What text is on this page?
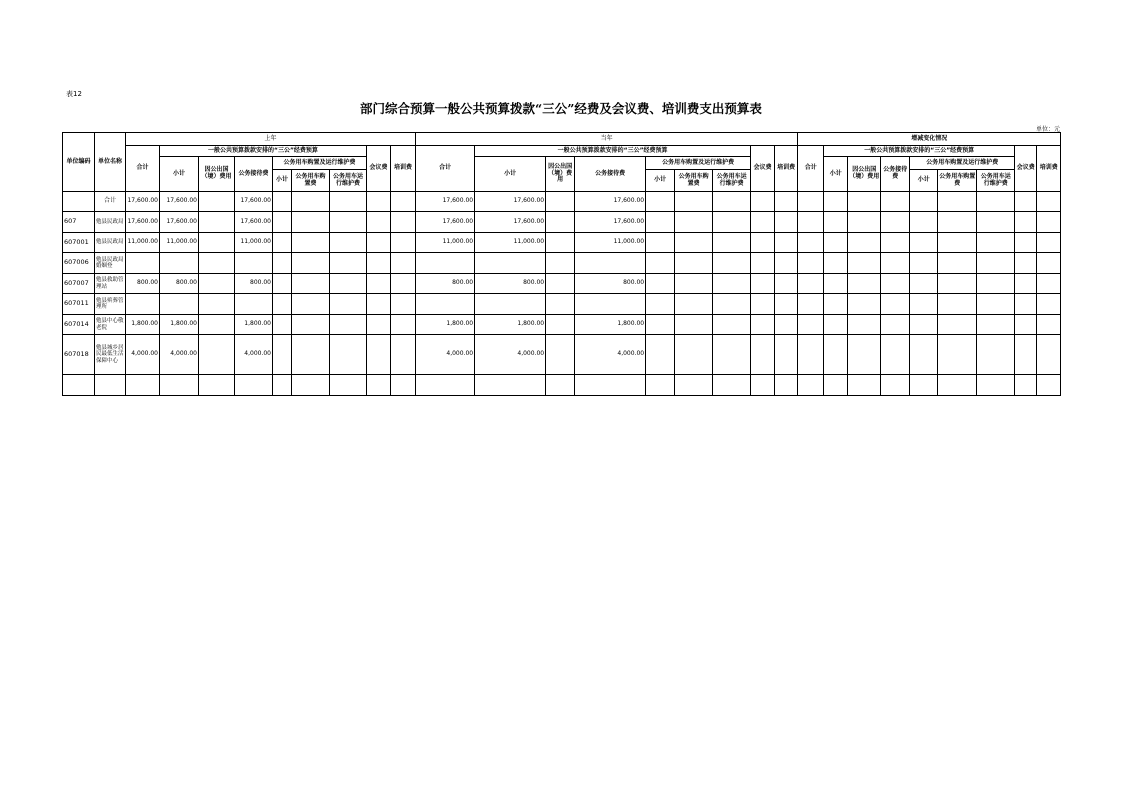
表12
部门综合预算一般公共预算拨款“三公”经费及会议费、培训费支出预算表
单位：元
单位编码	单位名称	上年									当年									增减变化情况								
		合计	一般公共预算拨款安排的“三公”经费预算						会议费	培训费	合计	一般公共预算拨款安排的“三公”经费预算						会议费	培训费	合计	一般公共预算拨款安排的“三公”经费预算						会议费	培训费
			小计	因公出国（境）费用	公务接待费	公务用车购置及运行维护费						小计	因公出国（境）费用	公务接待费	公务用车购置及运行维护费						小计	因公出国（境）费用	公务接待费	公务用车购置及运行维护费				
						小计	公务用车购置费	公务用车运行维护费							小计	公务用车购置费	公务用车运行维护费							小计	公务用车购置费	公务用车运行维护费		
	合计	17,600.00	17,600.00		17,600.00						17,600.00	17,600.00		17,600.00														
607	勉县民政局	17,600.00	17,600.00		17,600.00						17,600.00	17,600.00		17,600.00														
607001	勉县民政局	11,000.00	11,000.00		11,000.00						11,000.00	11,000.00		11,000.00														
607006	勉县民政局婚姻登																											
607007	勉县救助管理站	800.00	800.00		800.00						800.00	800.00		800.00														
607011	勉县殡葬管理所																											
607014	勉县中心敬老院	1,800.00	1,800.00		1,800.00						1,800.00	1,800.00		1,800.00														
607018	勉县城乡居民最低生活保障中心	4,000.00	4,000.00		4,000.00						4,000.00	4,000.00		4,000.00														
